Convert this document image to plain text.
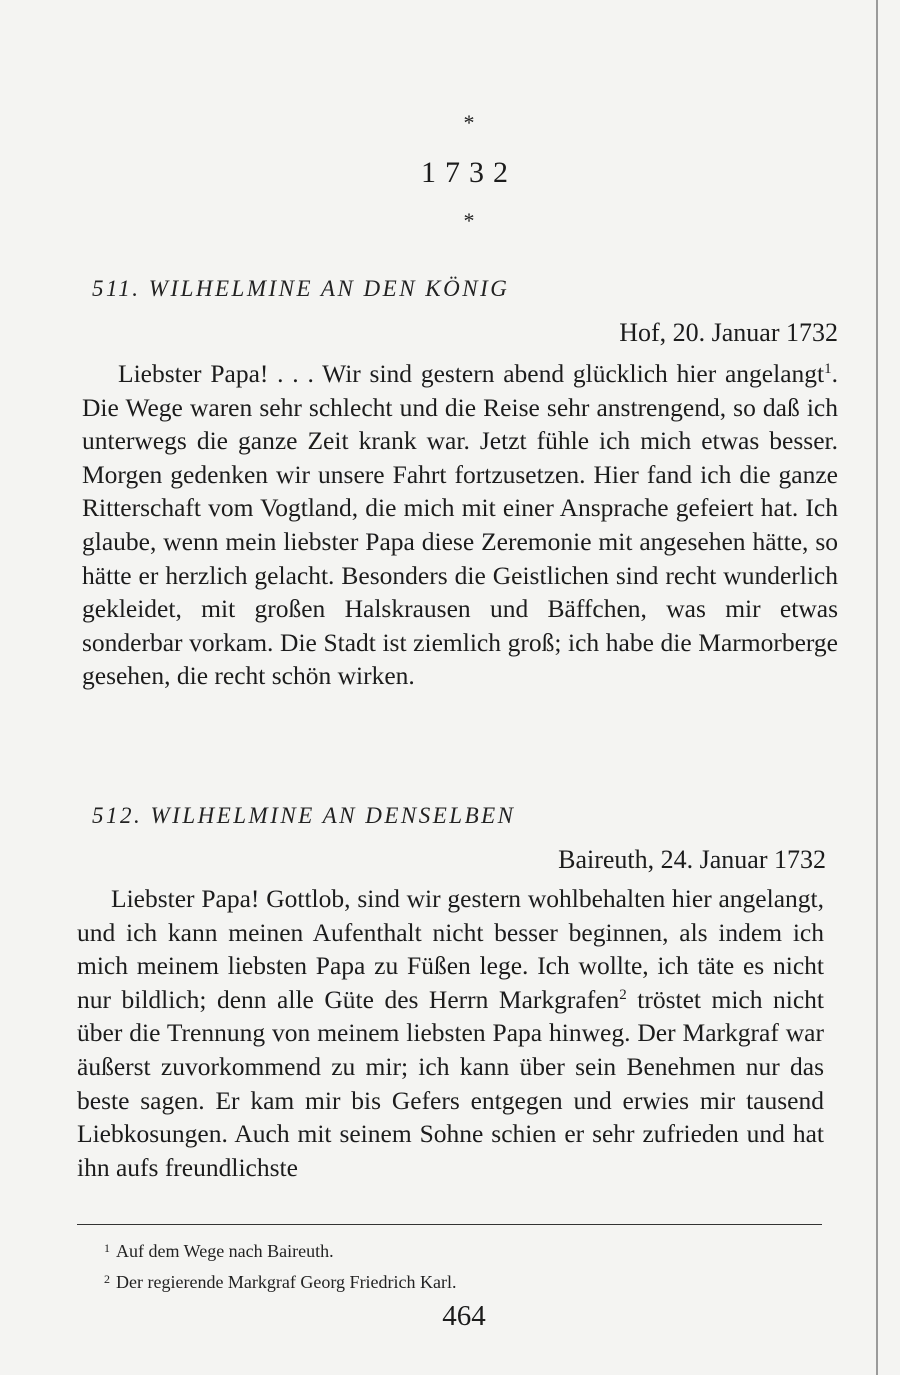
*
1732
*
511. WILHELMINE AN DEN KÖNIG
Hof, 20. Januar 1732
Liebster Papa! . . . Wir sind gestern abend glücklich hier angelangt$^1$. Die Wege waren sehr schlecht und die Reise sehr anstrengend, so daß ich unterwegs die ganze Zeit krank war. Jetzt fühle ich mich etwas besser. Morgen gedenken wir unsere Fahrt fortzusetzen. Hier fand ich die ganze Ritterschaft vom Vogtland, die mich mit einer Ansprache gefeiert hat. Ich glaube, wenn mein liebster Papa diese Zeremonie mit angesehen hätte, so hätte er herzlich gelacht. Besonders die Geistlichen sind recht wunderlich gekleidet, mit großen Halskrausen und Bäffchen, was mir etwas sonderbar vorkam. Die Stadt ist ziemlich groß; ich habe die Marmorberge gesehen, die recht schön wirken.
512. WILHELMINE AN DENSELBEN
Baireuth, 24. Januar 1732
Liebster Papa! Gottlob, sind wir gestern wohlbehalten hier angelangt, und ich kann meinen Aufenthalt nicht besser beginnen, als indem ich mich meinem liebsten Papa zu Füßen lege. Ich wollte, ich täte es nicht nur bildlich; denn alle Güte des Herrn Markgrafen$^2$ tröstet mich nicht über die Trennung von meinem liebsten Papa hinweg. Der Markgraf war äußerst zuvorkommend zu mir; ich kann über sein Benehmen nur das beste sagen. Er kam mir bis Gefers entgegen und erwies mir tausend Liebkosungen. Auch mit seinem Sohne schien er sehr zufrieden und hat ihn aufs freundlichste
$^1$ Auf dem Wege nach Baireuth.
$^2$ Der regierende Markgraf Georg Friedrich Karl.
464
